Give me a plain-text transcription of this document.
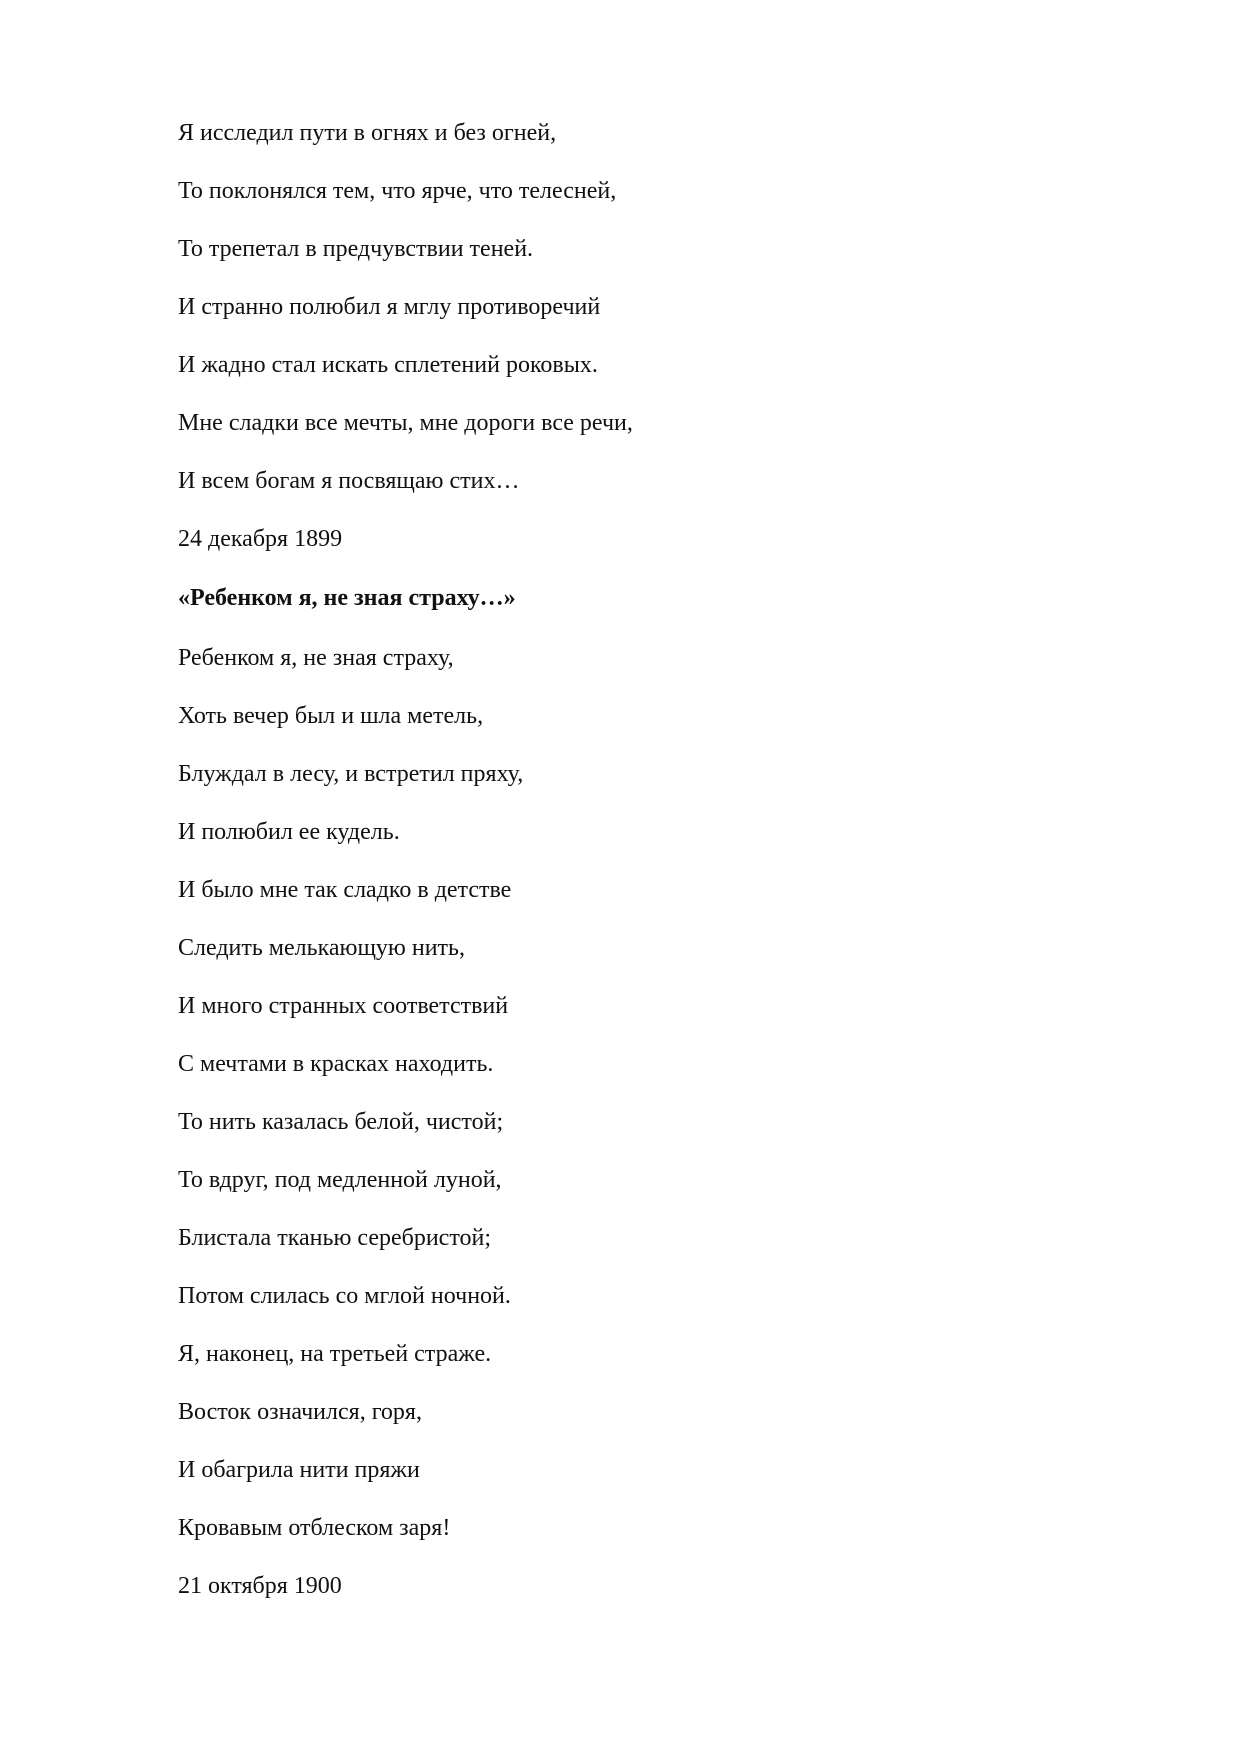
Я исследил пути в огнях и без огней,

То поклонялся тем, что ярче, что телесней,

То трепетал в предчувствии теней.

И странно полюбил я мглу противоречий

И жадно стал искать сплетений роковых.

Мне сладки все мечты, мне дороги все речи,

И всем богам я посвящаю стих…

24 декабря 1899

«Ребенком я, не зная страху…»

Ребенком я, не зная страху,

Хоть вечер был и шла метель,

Блуждал в лесу, и встретил пряху,

И полюбил ее кудель.

И было мне так сладко в детстве

Следить мелькающую нить,

И много странных соответствий

С мечтами в красках находить.

То нить казалась белой, чистой;

То вдруг, под медленной луной,

Блистала тканью серебристой;

Потом слилась со мглой ночной.

Я, наконец, на третьей страже.

Восток означился, горя,

И обагрила нити пряжи

Кровавым отблеском заря!

21 октября 1900
